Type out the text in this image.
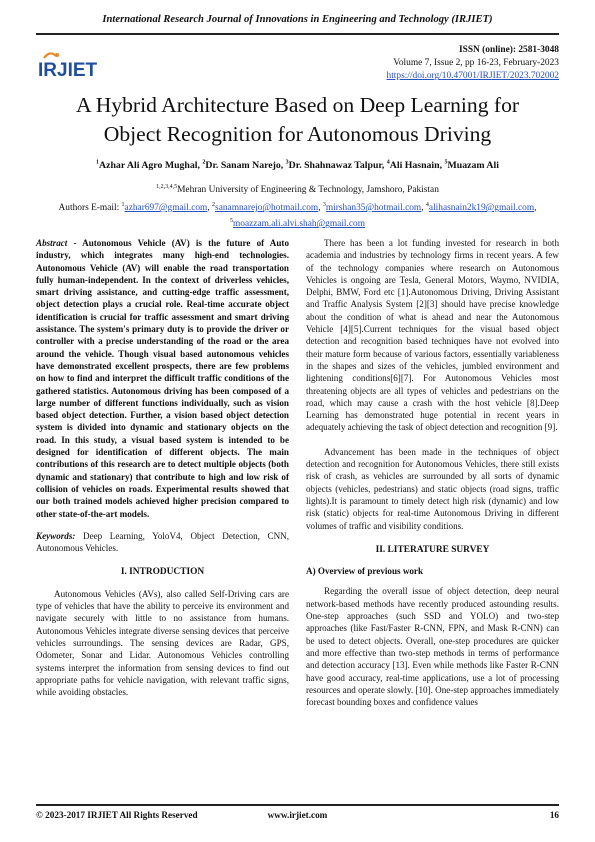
International Research Journal of Innovations in Engineering and Technology (IRJIET)
IRJIET
ISSN (online): 2581-3048
Volume 7, Issue 2, pp 16-23, February-2023
https://doi.org/10.47001/IRJIET/2023.702002
A Hybrid Architecture Based on Deep Learning for
Object Recognition for Autonomous Driving
$^1$Azhar Ali Agro Mughal, $^2$Dr. Sanam Narejo, $^3$Dr. Shahnawaz Talpur, $^4$Ali Hasnain, $^5$Muazam Ali
$^{1,2,3,4,5}$Mehran University of Engineering & Technology, Jamshoro, Pakistan
Authors E-mail: $^1$azhar697@gmail.com, $^2$sanamnarejo@hotmail.com, $^3$mirshan35@hotmail.com, $^4$alihasnain2k19@gmail.com,
$^5$moazzam.ali.alvi.shah@gmail.com

Abstract - Autonomous Vehicle (AV) is the future of Auto industry, which integrates many high-end technologies. Autonomous Vehicle (AV) will enable the road transportation fully human-independent. In the context of driverless vehicles, smart driving assistance, and cutting-edge traffic assessment, object detection plays a crucial role. Real-time accurate object identification is crucial for traffic assessment and smart driving assistance. The system's primary duty is to provide the driver or controller with a precise understanding of the road or the area around the vehicle. Though visual based autonomous vehicles have demonstrated excellent prospects, there are few problems on how to find and interpret the difficult traffic conditions of the gathered statistics. Autonomous driving has been composed of a large number of different functions individually, such as vision based object detection. Further, a vision based object detection system is divided into dynamic and stationary objects on the road. In this study, a visual based system is intended to be designed for identification of different objects. The main contributions of this research are to detect multiple objects (both dynamic and stationary) that contribute to high and low risk of collision of vehicles on roads. Experimental results showed that our both trained models achieved higher precision compared to other state-of-the-art models.

Keywords: Deep Learning, YoloV4, Object Detection, CNN, Autonomous Vehicles.

I. INTRODUCTION

Autonomous Vehicles (AVs), also called Self-Driving cars are type of vehicles that have the ability to perceive its environment and navigate securely with little to no assistance from humans. Autonomous Vehicles integrate diverse sensing devices that perceive vehicles surroundings. The sensing devices are Radar, GPS, Odometer, Sonar and Lidar. Autonomous Vehicles controlling systems interpret the information from sensing devices to find out appropriate paths for vehicle navigation, with relevant traffic signs, while avoiding obstacles.

There has been a lot funding invested for research in both academia and industries by technology firms in recent years. A few of the technology companies where research on Autonomous Vehicles is ongoing are Tesla, General Motors, Waymo, NVIDIA, Delphi, BMW, Ford etc [1].Autonomous Driving, Driving Assistant and Traffic Analysis System [2][3] should have precise knowledge about the condition of what is ahead and near the Autonomous Vehicle [4][5].Current techniques for the visual based object detection and recognition based techniques have not evolved into their mature form because of various factors, essentially variableness in the shapes and sizes of the vehicles, jumbled environment and lightening conditions[6][7]. For Autonomous Vehicles most threatening objects are all types of vehicles and pedestrians on the road, which may cause a crash with the host vehicle [8].Deep Learning has demonstrated huge potential in recent years in adequately achieving the task of object detection and recognition [9].

Advancement has been made in the techniques of object detection and recognition for Autonomous Vehicles, there still exists risk of crash, as vehicles are surrounded by all sorts of dynamic objects (vehicles, pedestrians) and static objects (road signs, traffic lights).It is paramount to timely detect high risk (dynamic) and low risk (static) objects for real-time Autonomous Driving in different volumes of traffic and visibility conditions.

II. LITERATURE SURVEY
A) Overview of previous work

Regarding the overall issue of object detection, deep neural network-based methods have recently produced astounding results. One-step approaches (such SSD and YOLO) and two-step approaches (like Fast/Faster R-CNN, FPN, and Mask R-CNN) can be used to detect objects. Overall, one-step procedures are quicker and more effective than two-step methods in terms of performance and detection accuracy [13]. Even while methods like Faster R-CNN have good accuracy, real-time applications, use a lot of processing resources and operate slowly. [10]. One-step approaches immediately forecast bounding boxes and confidence values

© 2023-2017 IRJIET All Rights Reserved	www.irjiet.com	16
